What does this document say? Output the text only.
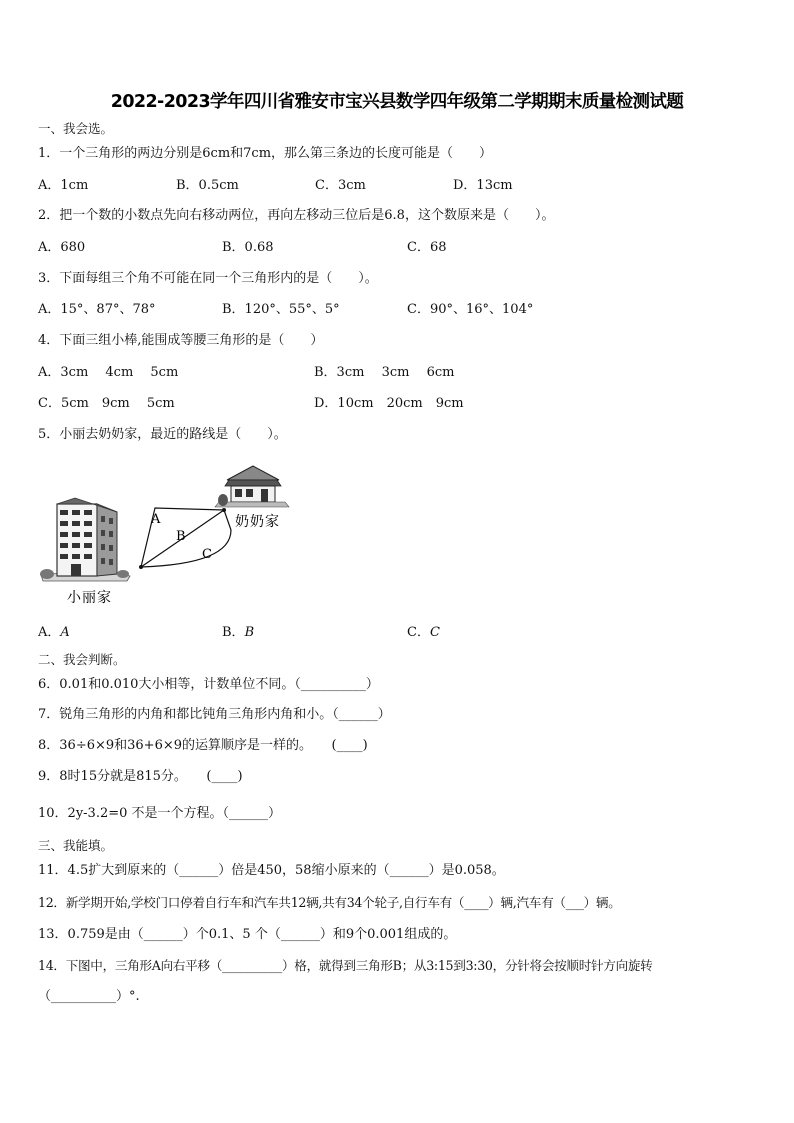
2022-2023学年四川省雅安市宝兴县数学四年级第二学期期末质量检测试题
一、我会选。
1．一个三角形的两边分别是6cm和7cm，那么第三条边的长度可能是（　　）
A．1cm	B．0.5cm	C．3cm	D．13cm
2．把一个数的小数点先向右移动两位，再向左移动三位后是6.8，这个数原来是（　　）。
A．680	B．0.68	C．68
3．下面每组三个角不可能在同一个三角形内的是（　　）。
A．15°、87°、78°	B．120°、55°、5°	C．90°、16°、104°
4．下面三组小棒,能围成等腰三角形的是（　　）
A．3cm　 4cm　 5cm	B．3cm　 3cm　 6cm
C．5cm　9cm　 5cm	D．10cm　20cm　9cm
5．小丽去奶奶家，最近的路线是（　　）。
A
B
C
奶奶家
小丽家
A．A	B．B	C．C
二、我会判断。
6．0.01和0.010大小相等，计数单位不同。（__________）
7．锐角三角形的内角和都比钝角三角形内角和小。（______）
8．36÷6×9和36+6×9的运算顺序是一样的。　　(____)
9．8时15分就是815分。　　(____)
10．2y-3.2=0 不是一个方程。（______）
三、我能填。
11．4.5扩大到原来的（______）倍是450，58缩小原来的（______）是0.058。
12．新学期开始,学校门口停着自行车和汽车共12辆,共有34个轮子,自行车有（____）辆,汽车有（___）辆。
13．0.759是由（______）个0.1、5 个（______）和9个0.001组成的。
14．下图中，三角形A向右平移（__________）格，就得到三角形B；从3:15到3:30，分针将会按顺时针方向旋转
（__________）°.
